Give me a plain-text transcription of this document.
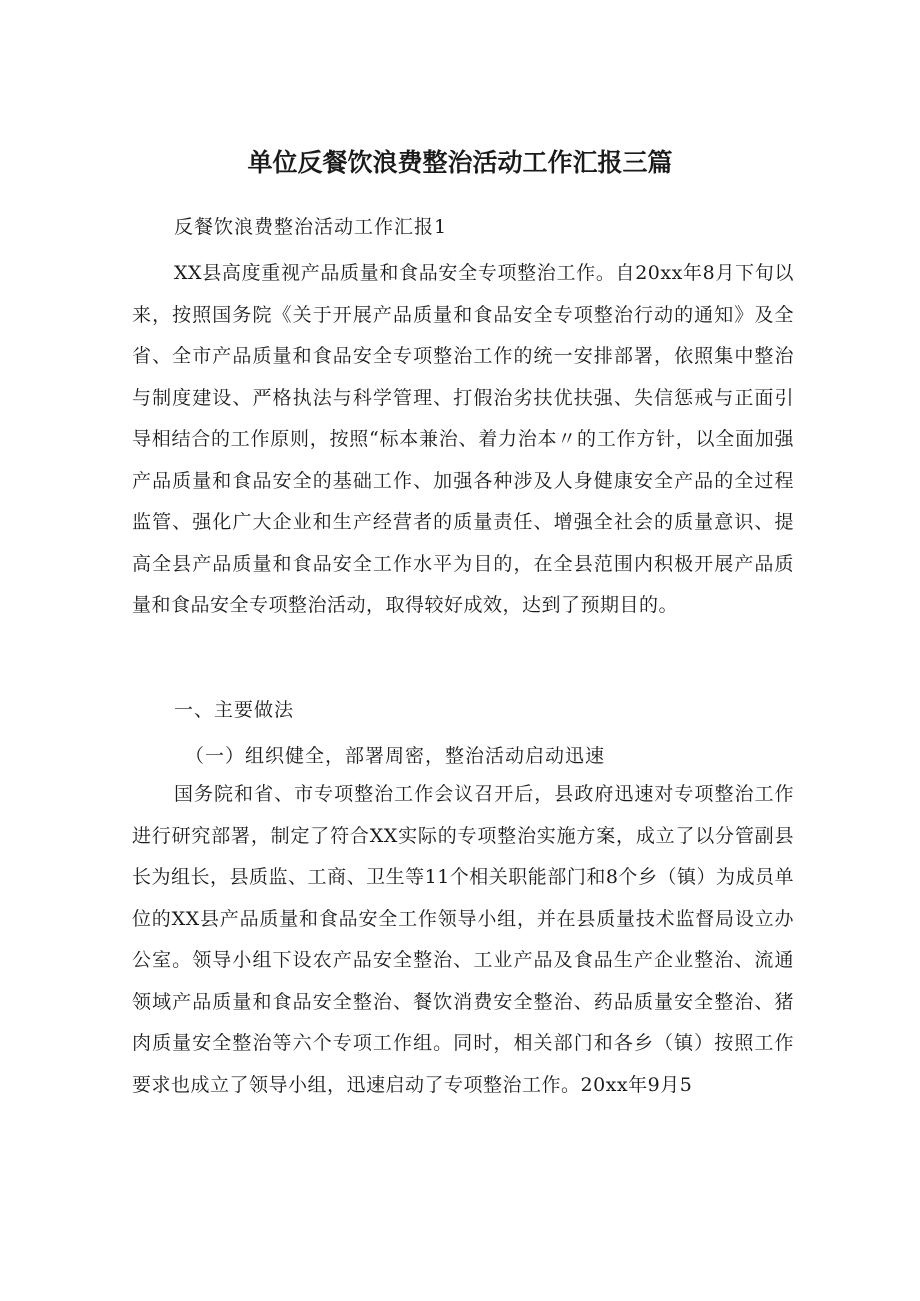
单位反餐饮浪费整治活动工作汇报三篇
反餐饮浪费整治活动工作汇报1

XX县高度重视产品质量和食品安全专项整治工作。自20xx年8月下旬以来，按照国务院《关于开展产品质量和食品安全专项整治行动的通知》及全省、全市产品质量和食品安全专项整治工作的统一安排部署，依照集中整治与制度建设、严格执法与科学管理、打假治劣扶优扶强、失信惩戒与正面引导相结合的工作原则，按照“标本兼治、着力治本〃的工作方针，以全面加强产品质量和食品安全的基础工作、加强各种涉及人身健康安全产品的全过程监管、强化广大企业和生产经营者的质量责任、增强全社会的质量意识、提高全县产品质量和食品安全工作水平为目的，在全县范围内积极开展产品质量和食品安全专项整治活动，取得较好成效，达到了预期目的。

一、主要做法
（一）组织健全，部署周密，整治活动启动迅速

国务院和省、市专项整治工作会议召开后，县政府迅速对专项整治工作进行研究部署，制定了符合XX实际的专项整治实施方案，成立了以分管副县长为组长，县质监、工商、卫生等11个相关职能部门和8个乡（镇）为成员单位的XX县产品质量和食品安全工作领导小组，并在县质量技术监督局设立办公室。领导小组下设农产品安全整治、工业产品及食品生产企业整治、流通领域产品质量和食品安全整治、餐饮消费安全整治、药品质量安全整治、猪肉质量安全整治等六个专项工作组。同时，相关部门和各乡（镇）按照工作要求也成立了领导小组，迅速启动了专项整治工作。20xx年9月5
